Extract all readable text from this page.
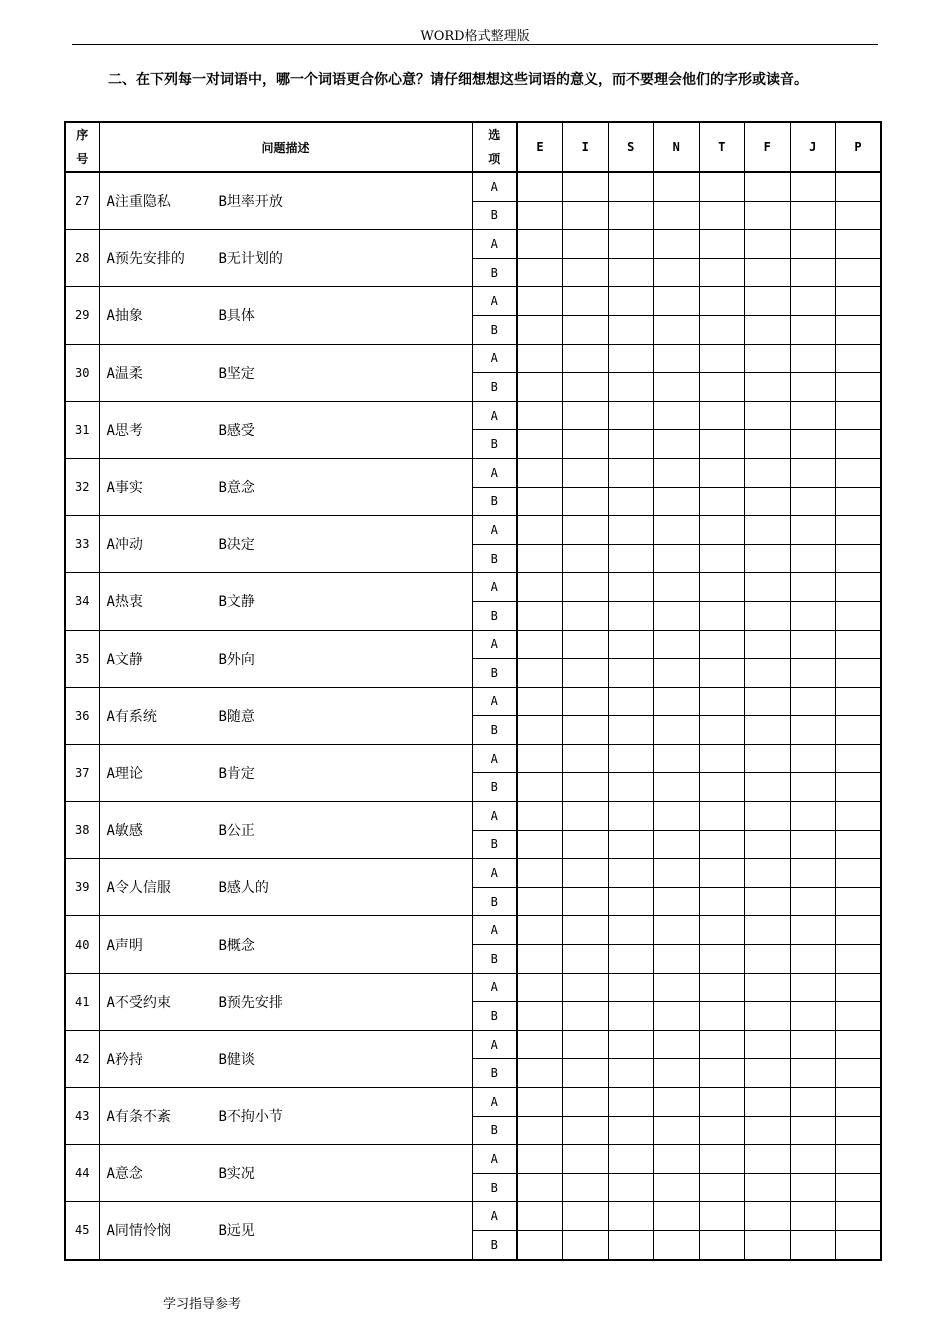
WORD格式整理版
二、在下列每一对词语中，哪一个词语更合你心意？请仔细想想这些词语的意义，而不要理会他们的字形或读音。
序
号	问题描述	选
项	E	I	S	N	T	F	J	P
27	A注重隐私 B坦率开放	A								
		B								
28	A预先安排的 B无计划的	A								
		B								
29	A抽象 B具体	A								
		B								
30	A温柔 B坚定	A								
		B								
31	A思考 B感受	A								
		B								
32	A事实 B意念	A								
		B								
33	A冲动 B决定	A								
		B								
34	A热衷 B文静	A								
		B								
35	A文静 B外向	A								
		B								
36	A有系统 B随意	A								
		B								
37	A理论 B肯定	A								
		B								
38	A敏感 B公正	A								
		B								
39	A令人信服 B感人的	A								
		B								
40	A声明 B概念	A								
		B								
41	A不受约束 B预先安排	A								
		B								
42	A矜持 B健谈	A								
		B								
43	A有条不紊 B不拘小节	A								
		B								
44	A意念 B实况	A								
		B								
45	A同情怜悯 B远见	A								
		B								
学习指导参考
